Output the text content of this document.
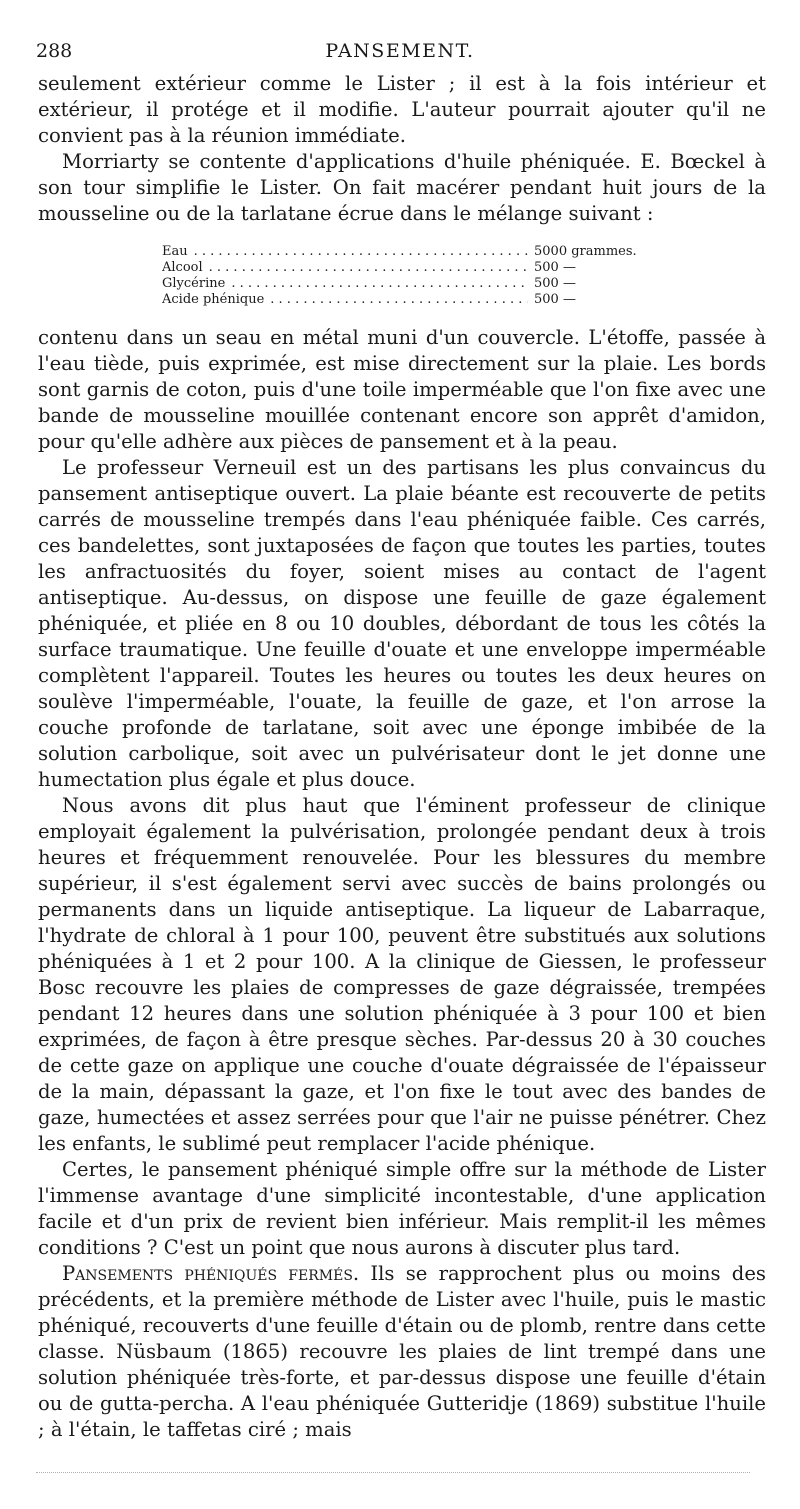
288	PANSEMENT.

seulement extérieur comme le Lister ; il est à la fois intérieur et extérieur, il protége et il modifie. L'auteur pourrait ajouter qu'il ne convient pas à la réunion immédiate.

Morriarty se contente d'applications d'huile phéniquée. E. Bœckel à son tour simplifie le Lister. On fait macérer pendant huit jours de la mousseline ou de la tarlatane écrue dans le mélange suivant :

Eau . . .	5000 grammes.
Alcool . . .	500 —
Glycérine . . .	500 —
Acide phénique . . .	500 —

contenu dans un seau en métal muni d'un couvercle. L'étoffe, passée à l'eau tiède, puis exprimée, est mise directement sur la plaie. Les bords sont garnis de coton, puis d'une toile imperméable que l'on fixe avec une bande de mousseline mouillée contenant encore son apprêt d'amidon, pour qu'elle adhère aux pièces de pansement et à la peau.

Le professeur Verneuil est un des partisans les plus convaincus du pansement antiseptique ouvert. La plaie béante est recouverte de petits carrés de mousseline trempés dans l'eau phéniquée faible. Ces carrés, ces bandelettes, sont juxtaposées de façon que toutes les parties, toutes les anfractuosités du foyer, soient mises au contact de l'agent antiseptique. Au-dessus, on dispose une feuille de gaze également phéniquée, et pliée en 8 ou 10 doubles, débordant de tous les côtés la surface traumatique. Une feuille d'ouate et une enveloppe imperméable complètent l'appareil. Toutes les heures ou toutes les deux heures on soulève l'imperméable, l'ouate, la feuille de gaze, et l'on arrose la couche profonde de tarlatane, soit avec une éponge imbibée de la solution carbolique, soit avec un pulvérisateur dont le jet donne une humectation plus égale et plus douce.

Nous avons dit plus haut que l'éminent professeur de clinique employait également la pulvérisation, prolongée pendant deux à trois heures et fréquemment renouvelée. Pour les blessures du membre supérieur, il s'est également servi avec succès de bains prolongés ou permanents dans un liquide antiseptique. La liqueur de Labarraque, l'hydrate de chloral à 1 pour 100, peuvent être substitués aux solutions phéniquées à 1 et 2 pour 100. A la clinique de Giessen, le professeur Bosc recouvre les plaies de compresses de gaze dégraissée, trempées pendant 12 heures dans une solution phéniquée à 3 pour 100 et bien exprimées, de façon à être presque sèches. Par-dessus 20 à 30 couches de cette gaze on applique une couche d'ouate dégraissée de l'épaisseur de la main, dépassant la gaze, et l'on fixe le tout avec des bandes de gaze, humectées et assez serrées pour que l'air ne puisse pénétrer. Chez les enfants, le sublimé peut remplacer l'acide phénique.

Certes, le pansement phéniqué simple offre sur la méthode de Lister l'immense avantage d'une simplicité incontestable, d'une application facile et d'un prix de revient bien inférieur. Mais remplit-il les mêmes conditions ? C'est un point que nous aurons à discuter plus tard.

Pansements phéniqués fermés. Ils se rapprochent plus ou moins des précédents, et la première méthode de Lister avec l'huile, puis le mastic phéniqué, recouverts d'une feuille d'étain ou de plomb, rentre dans cette classe. Nüsbaum (1865) recouvre les plaies de lint trempé dans une solution phéniquée très-forte, et par-dessus dispose une feuille d'étain ou de gutta-percha. A l'eau phéniquée Gutteridje (1869) substitue l'huile ; à l'étain, le taffetas ciré ; mais
